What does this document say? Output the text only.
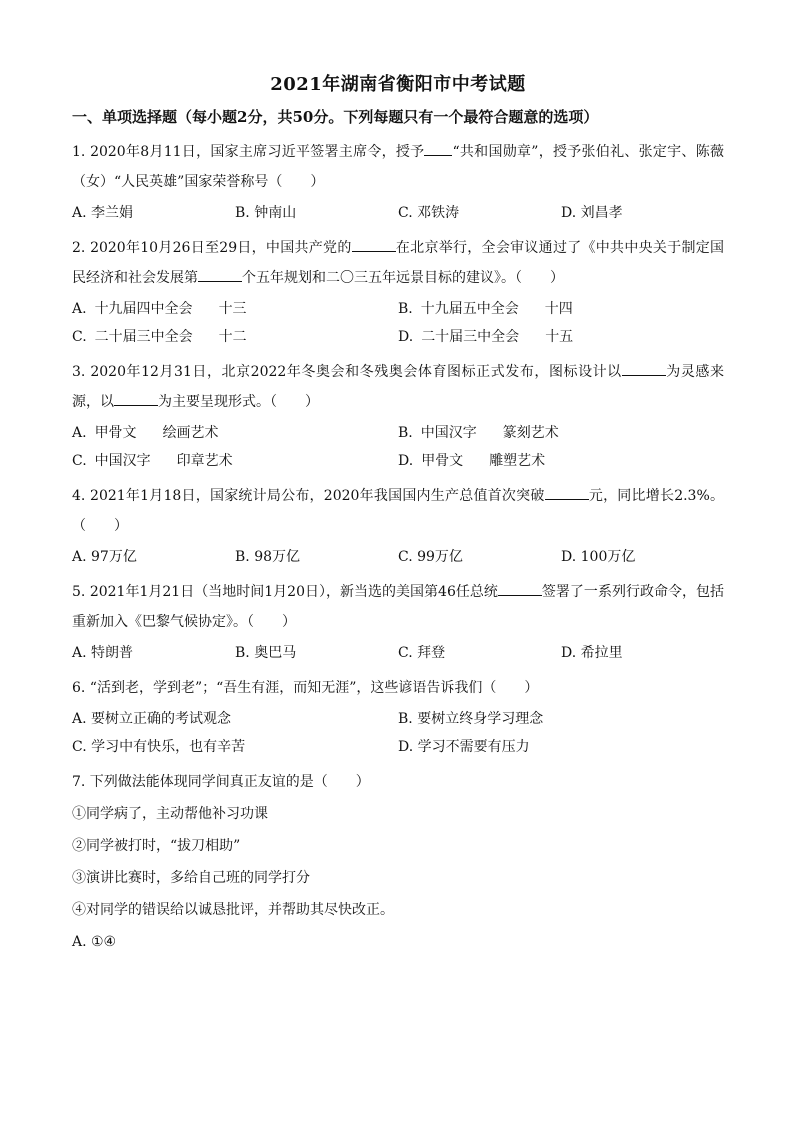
2021年湖南省衡阳市中考试题
一、单项选择题（每小题2分，共50分。下列每题只有一个最符合题意的选项）
1. 2020年8月11日，国家主席习近平签署主席令，授予 “共和国勋章”，授予张伯礼、张定宇、陈薇（女）“人民英雄”国家荣誉称号（　　）
A. 李兰娟	B. 钟南山	C. 邓铁涛	D. 刘昌孝
2. 2020年10月26日至29日，中国共产党的	在北京举行，全会审议通过了《中共中央关于制定国民经济和社会发展第	个五年规划和二〇三五年远景目标的建议》。（　　）
A. 十九届四中全会 十三	B. 十九届五中全会 十四
C. 二十届三中全会 十二	D. 二十届三中全会 十五
3. 2020年12月31日，北京2022年冬奥会和冬残奥会体育图标正式发布，图标设计以	为灵感来源，以	为主要呈现形式。（　　）
A. 甲骨文 绘画艺术	B. 中国汉字 篆刻艺术
C. 中国汉字 印章艺术	D. 甲骨文 雕塑艺术
4. 2021年1月18日，国家统计局公布，2020年我国国内生产总值首次突破	元，同比增长2.3%。（　　）
A. 97万亿	B. 98万亿	C. 99万亿	D. 100万亿
5. 2021年1月21日（当地时间1月20日），新当选的美国第46任总统	签署了一系列行政命令，包括重新加入《巴黎气候协定》。（　　）
A. 特朗普	B. 奥巴马	C. 拜登	D. 希拉里
6. “活到老，学到老”；“吾生有涯，而知无涯”，这些谚语告诉我们（　　）
A. 要树立正确的考试观念	B. 要树立终身学习理念
C. 学习中有快乐，也有辛苦	D. 学习不需要有压力
7. 下列做法能体现同学间真正友谊的是（　　）
①同学病了，主动帮他补习功课
②同学被打时，“拔刀相助”
③演讲比赛时，多给自己班的同学打分
④对同学的错误给以诚恳批评，并帮助其尽快改正。
A. ①④
